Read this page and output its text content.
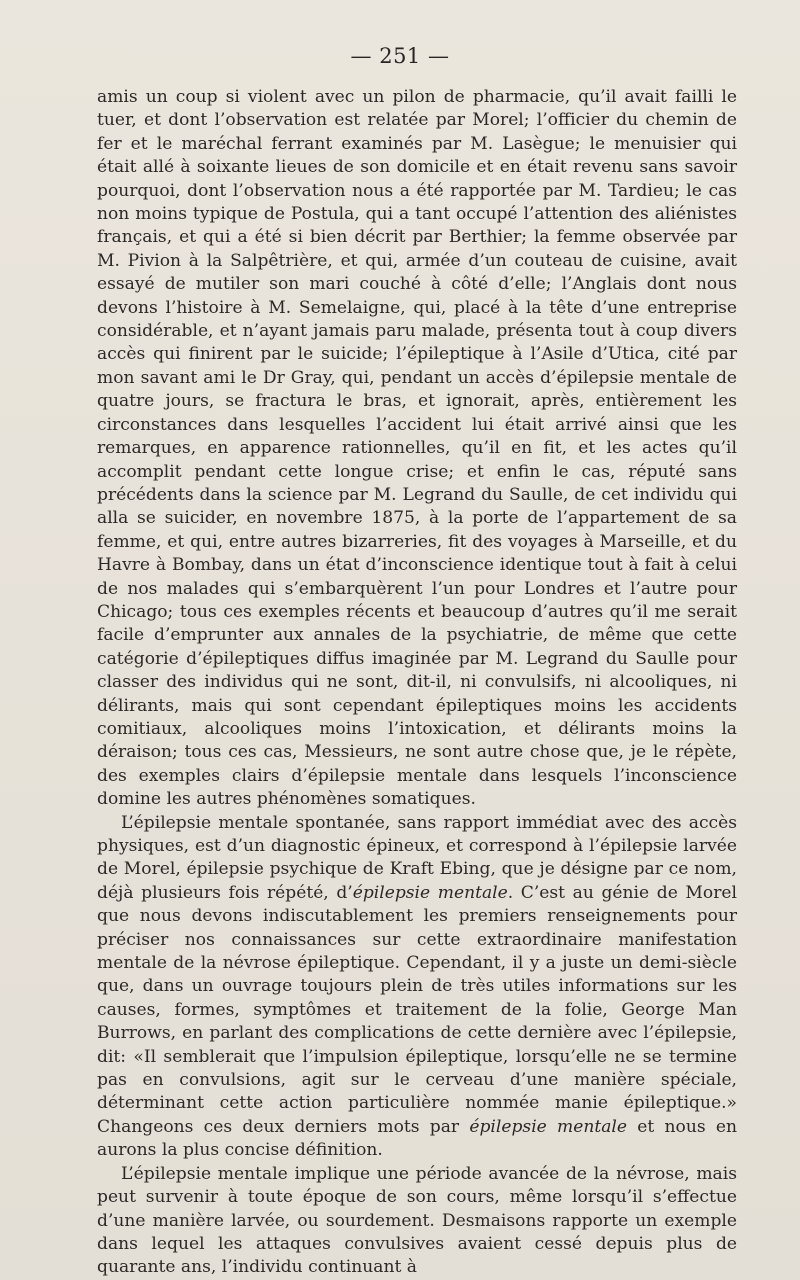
— 251 —

amis un coup si violent avec un pilon de pharmacie, qu’il avait failli le tuer, et dont l’observation est relatée par Morel; l’officier du chemin de fer et le maréchal ferrant examinés par M. Lasègue; le menuisier qui était allé à soixante lieues de son domicile et en était revenu sans savoir pourquoi, dont l’observation nous a été rapportée par M. Tardieu; le cas non moins typique de Postula, qui a tant occupé l’attention des aliénistes français, et qui a été si bien décrit par Berthier; la femme observée par M. Pivion à la Salpêtrière, et qui, armée d’un couteau de cuisine, avait essayé de mutiler son mari couché à côté d’elle; l’Anglais dont nous devons l’histoire à M. Semelaigne, qui, placé à la tête d’une entreprise considérable, et n’ayant jamais paru malade, présenta tout à coup divers accès qui finirent par le suicide; l’épileptique à l’Asile d’Utica, cité par mon savant ami le Dr Gray, qui, pendant un accès d’épilepsie mentale de quatre jours, se fractura le bras, et ignorait, après, entièrement les circonstances dans lesquelles l’accident lui était arrivé ainsi que les remarques, en apparence rationnelles, qu’il en fit, et les actes qu’il accomplit pendant cette longue crise; et enfin le cas, réputé sans précédents dans la science par M. Legrand du Saulle, de cet individu qui alla se suicider, en novembre 1875, à la porte de l’appartement de sa femme, et qui, entre autres bizarreries, fit des voyages à Marseille, et du Havre à Bombay, dans un état d’inconscience identique tout à fait à celui de nos malades qui s’embarquèrent l’un pour Londres et l’autre pour Chicago; tous ces exemples récents et beaucoup d’autres qu’il me serait facile d’emprunter aux annales de la psychiatrie, de même que cette catégorie d’épileptiques diffus imaginée par M. Legrand du Saulle pour classer des individus qui ne sont, dit-il, ni convulsifs, ni alcooliques, ni délirants, mais qui sont cependant épileptiques moins les accidents comitiaux, alcooliques moins l’intoxication, et délirants moins la déraison; tous ces cas, Messieurs, ne sont autre chose que, je le répète, des exemples clairs d’épilepsie mentale dans lesquels l’inconscience domine les autres phénomènes somatiques.

L’épilepsie mentale spontanée, sans rapport immédiat avec des accès physiques, est d’un diagnostic épineux, et correspond à l’épilepsie larvée de Morel, épilepsie psychique de Kraft Ebing, que je désigne par ce nom, déjà plusieurs fois répété, d’épilepsie mentale. C’est au génie de Morel que nous devons indiscutablement les premiers renseignements pour préciser nos connaissances sur cette extraordinaire manifestation mentale de la névrose épileptique. Cependant, il y a juste un demi-siècle que, dans un ouvrage toujours plein de très utiles informations sur les causes, formes, symptômes et traitement de la folie, George Man Burrows, en parlant des complications de cette dernière avec l’épilepsie, dit: «Il semblerait que l’impulsion épileptique, lorsqu’elle ne se termine pas en convulsions, agit sur le cerveau d’une manière spéciale, déterminant cette action particulière nommée manie épileptique.» Changeons ces deux derniers mots par épilepsie mentale et nous en aurons la plus concise définition.

L’épilepsie mentale implique une période avancée de la névrose, mais peut survenir à toute époque de son cours, même lorsqu’il s’effectue d’une manière larvée, ou sourdement. Desmaisons rapporte un exemple dans lequel les attaques convulsives avaient cessé depuis plus de quarante ans, l’individu continuant à
